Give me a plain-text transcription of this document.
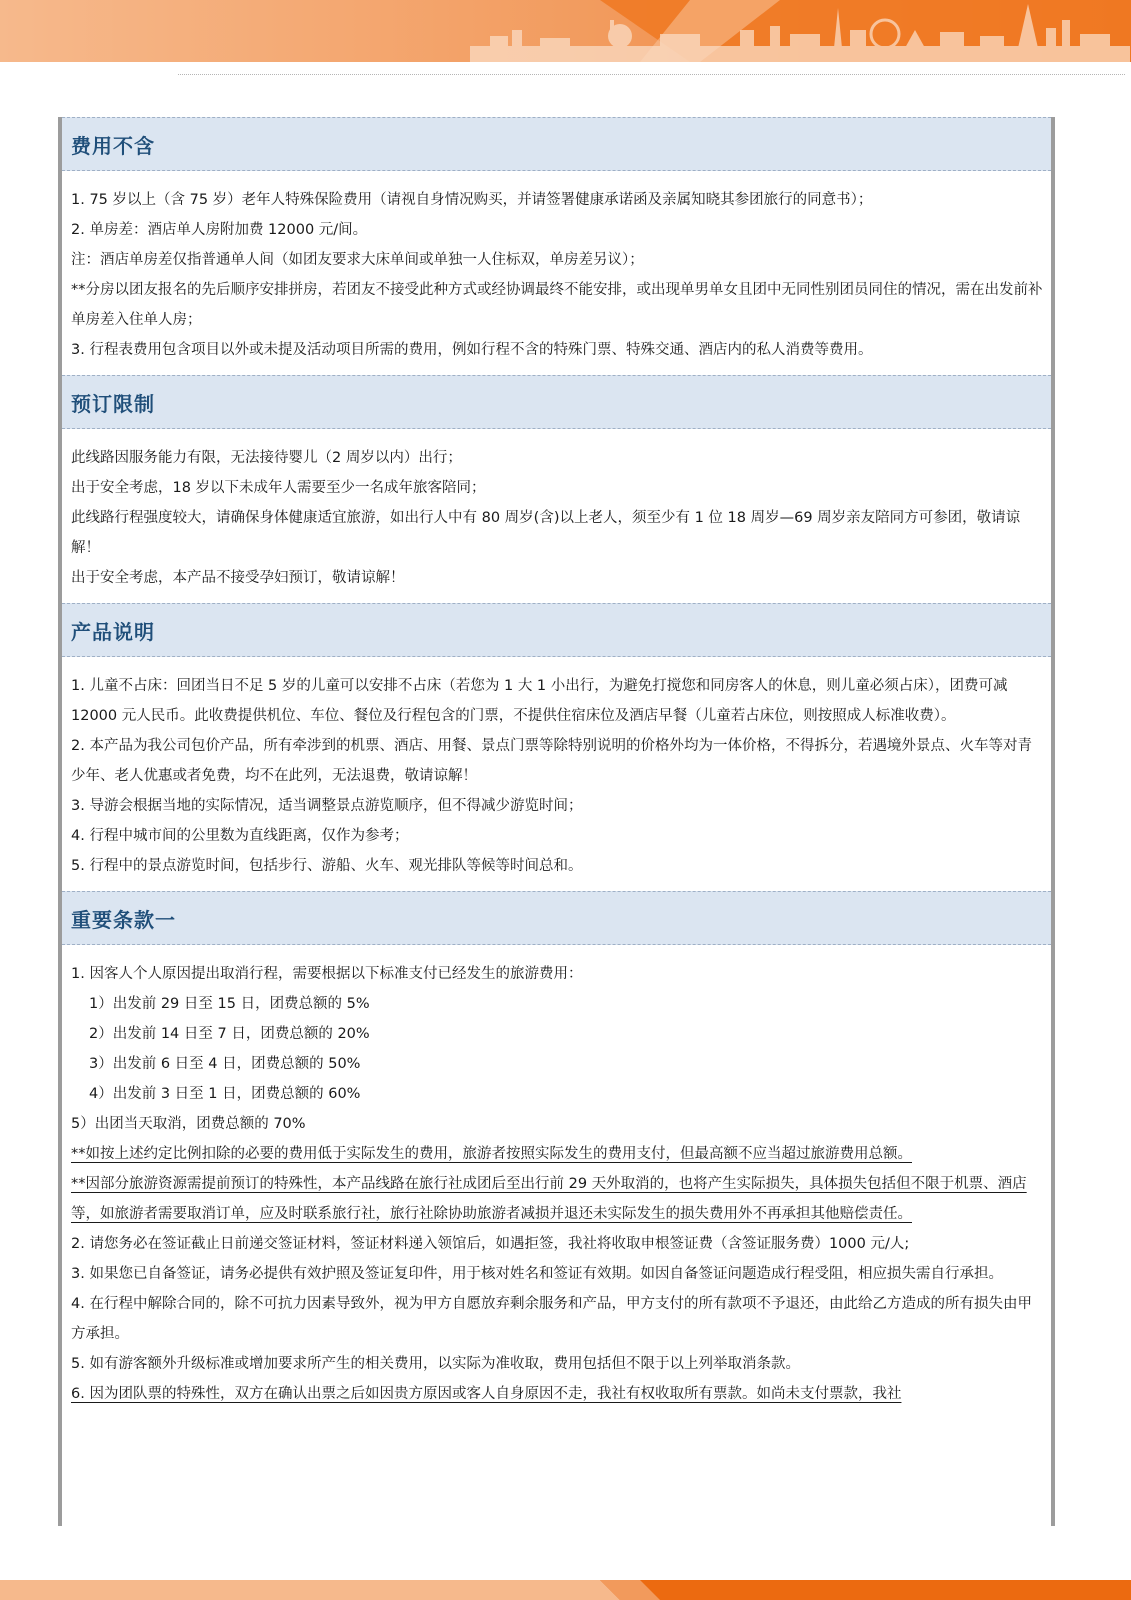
费用不含

1. 75 岁以上（含 75 岁）老年人特殊保险费用（请视自身情况购买，并请签署健康承诺函及亲属知晓其参团旅行的同意书）；

2. 单房差：酒店单人房附加费 12000 元/间。

注：酒店单房差仅指普通单人间（如团友要求大床单间或单独一人住标双，单房差另议）；

**分房以团友报名的先后顺序安排拼房，若团友不接受此种方式或经协调最终不能安排，或出现单男单女且团中无同性别团员同住的情况，需在出发前补单房差入住单人房；

3. 行程表费用包含项目以外或未提及活动项目所需的费用，例如行程不含的特殊门票、特殊交通、酒店内的私人消费等费用。

预订限制

此线路因服务能力有限，无法接待婴儿（2 周岁以内）出行；

出于安全考虑，18 岁以下未成年人需要至少一名成年旅客陪同；

此线路行程强度较大，请确保身体健康适宜旅游，如出行人中有 80 周岁(含)以上老人，须至少有 1 位 18 周岁—69 周岁亲友陪同方可参团，敬请谅解！

出于安全考虑，本产品不接受孕妇预订，敬请谅解！

产品说明

1. 儿童不占床：回团当日不足 5 岁的儿童可以安排不占床（若您为 1 大 1 小出行，为避免打搅您和同房客人的休息，则儿童必须占床），团费可减 12000 元人民币。此收费提供机位、车位、餐位及行程包含的门票，不提供住宿床位及酒店早餐（儿童若占床位，则按照成人标准收费）。

2. 本产品为我公司包价产品，所有牵涉到的机票、酒店、用餐、景点门票等除特别说明的价格外均为一体价格，不得拆分，若遇境外景点、火车等对青少年、老人优惠或者免费，均不在此列，无法退费，敬请谅解！

3. 导游会根据当地的实际情况，适当调整景点游览顺序，但不得减少游览时间；

4. 行程中城市间的公里数为直线距离，仅作为参考；

5. 行程中的景点游览时间，包括步行、游船、火车、观光排队等候等时间总和。

重要条款一

1. 因客人个人原因提出取消行程，需要根据以下标准支付已经发生的旅游费用：

1）出发前 29 日至 15 日，团费总额的 5%

2）出发前 14 日至 7 日，团费总额的 20%

3）出发前 6 日至 4 日，团费总额的 50%

4）出发前 3 日至 1 日，团费总额的 60%

5）出团当天取消，团费总额的 70%

**如按上述约定比例扣除的必要的费用低于实际发生的费用，旅游者按照实际发生的费用支付，但最高额不应当超过旅游费用总额。

**因部分旅游资源需提前预订的特殊性，本产品线路在旅行社成团后至出行前 29 天外取消的，也将产生实际损失，具体损失包括但不限于机票、酒店等，如旅游者需要取消订单，应及时联系旅行社，旅行社除协助旅游者减损并退还未实际发生的损失费用外不再承担其他赔偿责任。

2. 请您务必在签证截止日前递交签证材料，签证材料递入领馆后，如遇拒签，我社将收取申根签证费（含签证服务费）1000 元/人;

3. 如果您已自备签证，请务必提供有效护照及签证复印件，用于核对姓名和签证有效期。如因自备签证问题造成行程受阻，相应损失需自行承担。

4. 在行程中解除合同的，除不可抗力因素导致外，视为甲方自愿放弃剩余服务和产品，甲方支付的所有款项不予退还，由此给乙方造成的所有损失由甲方承担。

5. 如有游客额外升级标准或增加要求所产生的相关费用，以实际为准收取，费用包括但不限于以上列举取消条款。

6. 因为团队票的特殊性，双方在确认出票之后如因贵方原因或客人自身原因不走，我社有权收取所有票款。如尚未支付票款，我社
